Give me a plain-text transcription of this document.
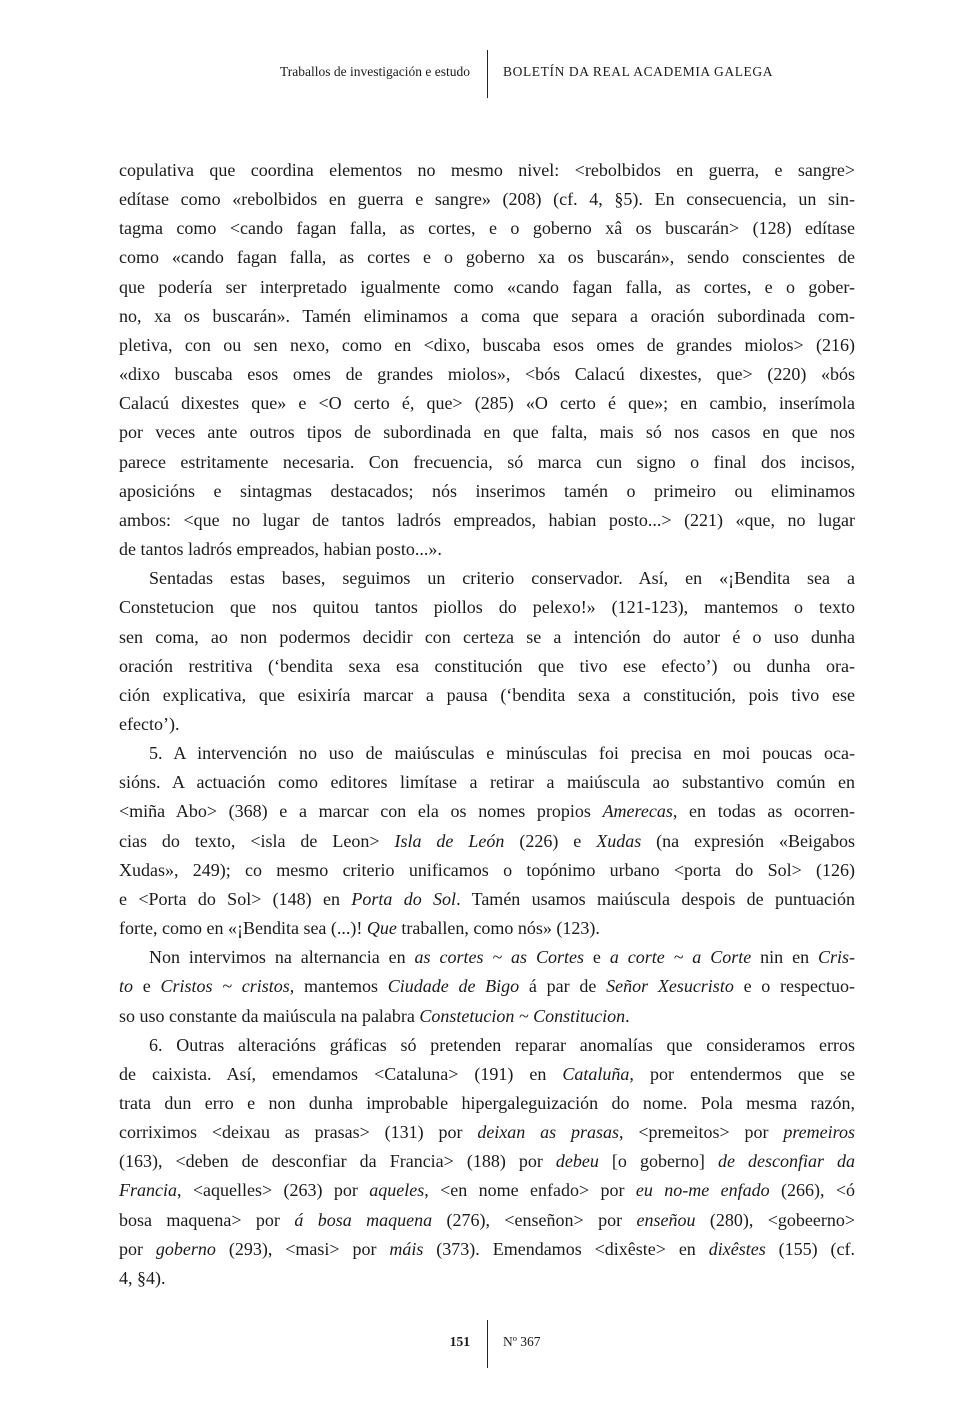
Traballos de investigación e estudo BOLETÍN DA REAL ACADEMIA GALEGA
copulativa que coordina elementos no mesmo nivel: <rebolbidos en guerra, e sangre>
edítase como «rebolbidos en guerra e sangre» (208) (cf. 4, §5). En consecuencia, un sin-
tagma como <cando fagan falla, as cortes, e o goberno xâ os buscarán> (128) edítase
como «cando fagan falla, as cortes e o goberno xa os buscarán», sendo conscientes de
que podería ser interpretado igualmente como «cando fagan falla, as cortes, e o gober-
no, xa os buscarán». Tamén eliminamos a coma que separa a oración subordinada com-
pletiva, con ou sen nexo, como en <dixo, buscaba esos omes de grandes miolos> (216)
«dixo buscaba esos omes de grandes miolos», <bós Calacú dixestes, que> (220) «bós
Calacú dixestes que» e <O certo é, que> (285) «O certo é que»; en cambio, inserímola
por veces ante outros tipos de subordinada en que falta, mais só nos casos en que nos
parece estritamente necesaria. Con frecuencia, só marca cun signo o final dos incisos,
aposicións e sintagmas destacados; nós inserimos tamén o primeiro ou eliminamos
ambos: <que no lugar de tantos ladrós empreados, habian posto...> (221) «que, no lugar
de tantos ladrós empreados, habian posto...».
Sentadas estas bases, seguimos un criterio conservador. Así, en «¡Bendita sea a
Constetucion que nos quitou tantos piollos do pelexo!» (121-123), mantemos o texto
sen coma, ao non podermos decidir con certeza se a intención do autor é o uso dunha
oración restritiva (‘bendita sexa esa constitución que tivo ese efecto’) ou dunha ora-
ción explicativa, que esixiría marcar a pausa (‘bendita sexa a constitución, pois tivo ese
efecto’).
5. A intervención no uso de maiúsculas e minúsculas foi precisa en moi poucas oca-
sións. A actuación como editores limítase a retirar a maiúscula ao substantivo común en
<miña Abo> (368) e a marcar con ela os nomes propios Amerecas, en todas as ocorren-
cias do texto, <isla de Leon> Isla de León (226) e Xudas (na expresión «Beigabos
Xudas», 249); co mesmo criterio unificamos o topónimo urbano <porta do Sol> (126)
e <Porta do Sol> (148) en Porta do Sol. Tamén usamos maiúscula despois de puntuación
forte, como en «¡Bendita sea (...)! Que traballen, como nós» (123).
Non intervimos na alternancia en as cortes ~ as Cortes e a corte ~ a Corte nin en Cris-
to e Cristos ~ cristos, mantemos Ciudade de Bigo á par de Señor Xesucristo e o respectuo-
so uso constante da maiúscula na palabra Constetucion ~ Constitucion.
6. Outras alteracións gráficas só pretenden reparar anomalías que consideramos erros
de caixista. Así, emendamos <Cataluna> (191) en Cataluña, por entendermos que se
trata dun erro e non dunha improbable hipergaleguización do nome. Pola mesma razón,
corriximos <deixau as prasas> (131) por deixan as prasas, <premeitos> por premeiros
(163), <deben de desconfiar da Francia> (188) por debeu [o goberno] de desconfiar da
Francia, <aquelles> (263) por aqueles, <en nome enfado> por eu no-me enfado (266), <ó
bosa maquena> por á bosa maquena (276), <enseñon> por enseñou (280), <gobeerno>
por goberno (293), <masi> por máis (373). Emendamos <dixêste> en dixêstes (155) (cf.
4, §4).
151 Nº 367
